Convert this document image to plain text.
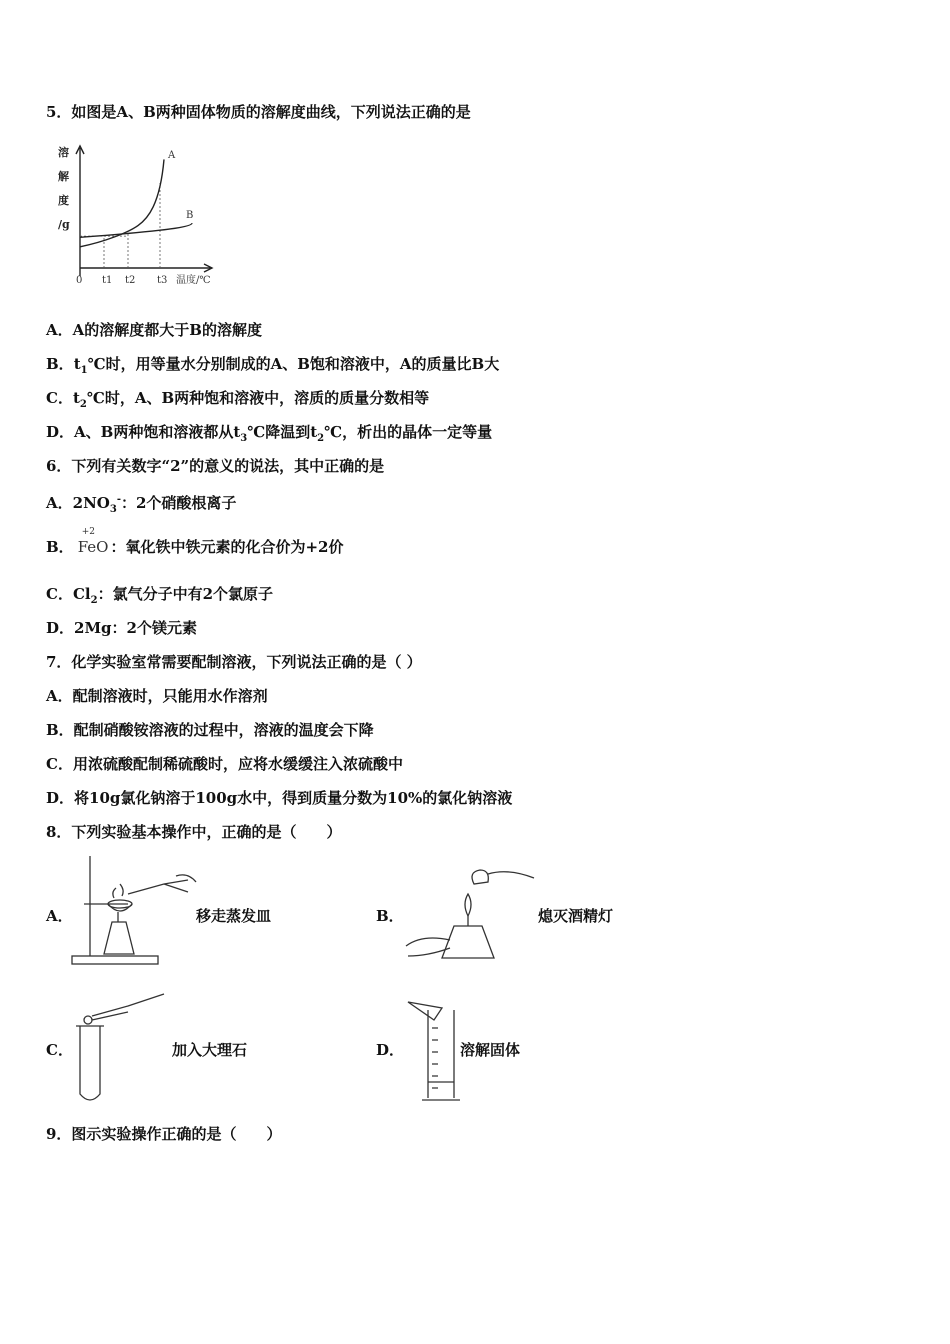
5．如图是A、B两种固体物质的溶解度曲线，下列说法正确的是
溶
解
度
/g
0 t1 t2 t3 温度/℃
A
B
A．A的溶解度都大于B的溶解度
B．$t_1℃$时，用等量水分别制成的A、B饱和溶液中，A的质量比B大
C．$t_2℃$时，A、B两种饱和溶液中，溶质的质量分数相等
D．A、B两种饱和溶液都从$t_3℃$降温到$t_2℃$，析出的晶体一定等量
6．下列有关数字“2”的意义的说法，其中正确的是
A．$2NO_3^-$：2个硝酸根离子
B．
+2
FeO ：氧化铁中铁元素的化合价为+2价
C．$Cl_2$：氯气分子中有2个氯原子
D．2Mg：2个镁元素
7．化学实验室常需要配制溶液，下列说法正确的是（ ）
A．配制溶液时，只能用水作溶剂
B．配制硝酸铵溶液的过程中，溶液的温度会下降
C．用浓硫酸配制稀硫酸时，应将水缓缓注入浓硫酸中
D．将10g氯化钠溶于100g水中，得到质量分数为10%的氯化钠溶液
8．下列实验基本操作中，正确的是（　　）
A．	移走蒸发皿	B．	熄灭酒精灯
C．	加入大理石	D．	溶解固体
9．图示实验操作正确的是（　　）
